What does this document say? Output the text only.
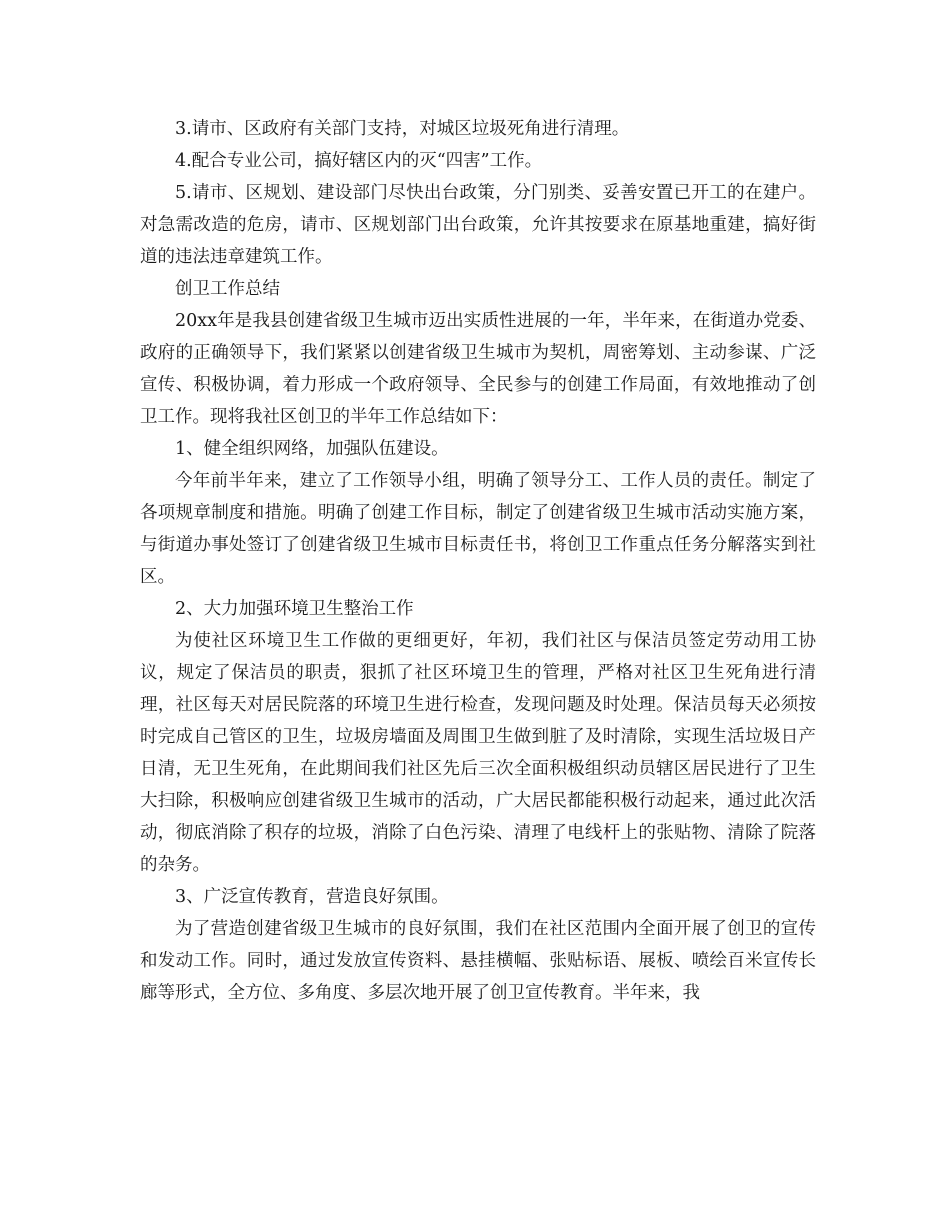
3.请市、区政府有关部门支持，对城区垃圾死角进行清理。

4.配合专业公司，搞好辖区内的灭“四害”工作。

5.请市、区规划、建设部门尽快出台政策，分门别类、妥善安置已开工的在建户。对急需改造的危房，请市、区规划部门出台政策，允许其按要求在原基地重建，搞好街道的违法违章建筑工作。

创卫工作总结

20xx年是我县创建省级卫生城市迈出实质性进展的一年，半年来，在街道办党委、政府的正确领导下，我们紧紧以创建省级卫生城市为契机，周密筹划、主动参谋、广泛宣传、积极协调，着力形成一个政府领导、全民参与的创建工作局面，有效地推动了创卫工作。现将我社区创卫的半年工作总结如下：

1、健全组织网络，加强队伍建设。

今年前半年来，建立了工作领导小组，明确了领导分工、工作人员的责任。制定了各项规章制度和措施。明确了创建工作目标，制定了创建省级卫生城市活动实施方案，与街道办事处签订了创建省级卫生城市目标责任书，将创卫工作重点任务分解落实到社区。

2、大力加强环境卫生整治工作

为使社区环境卫生工作做的更细更好，年初，我们社区与保洁员签定劳动用工协议，规定了保洁员的职责，狠抓了社区环境卫生的管理，严格对社区卫生死角进行清理，社区每天对居民院落的环境卫生进行检查，发现问题及时处理。保洁员每天必须按时完成自己管区的卫生，垃圾房墙面及周围卫生做到脏了及时清除，实现生活垃圾日产日清，无卫生死角，在此期间我们社区先后三次全面积极组织动员辖区居民进行了卫生大扫除，积极响应创建省级卫生城市的活动，广大居民都能积极行动起来，通过此次活动，彻底消除了积存的垃圾，消除了白色污染、清理了电线杆上的张贴物、清除了院落的杂务。

3、广泛宣传教育，营造良好氛围。

为了营造创建省级卫生城市的良好氛围，我们在社区范围内全面开展了创卫的宣传和发动工作。同时，通过发放宣传资料、悬挂横幅、张贴标语、展板、喷绘百米宣传长廊等形式，全方位、多角度、多层次地开展了创卫宣传教育。半年来，我
